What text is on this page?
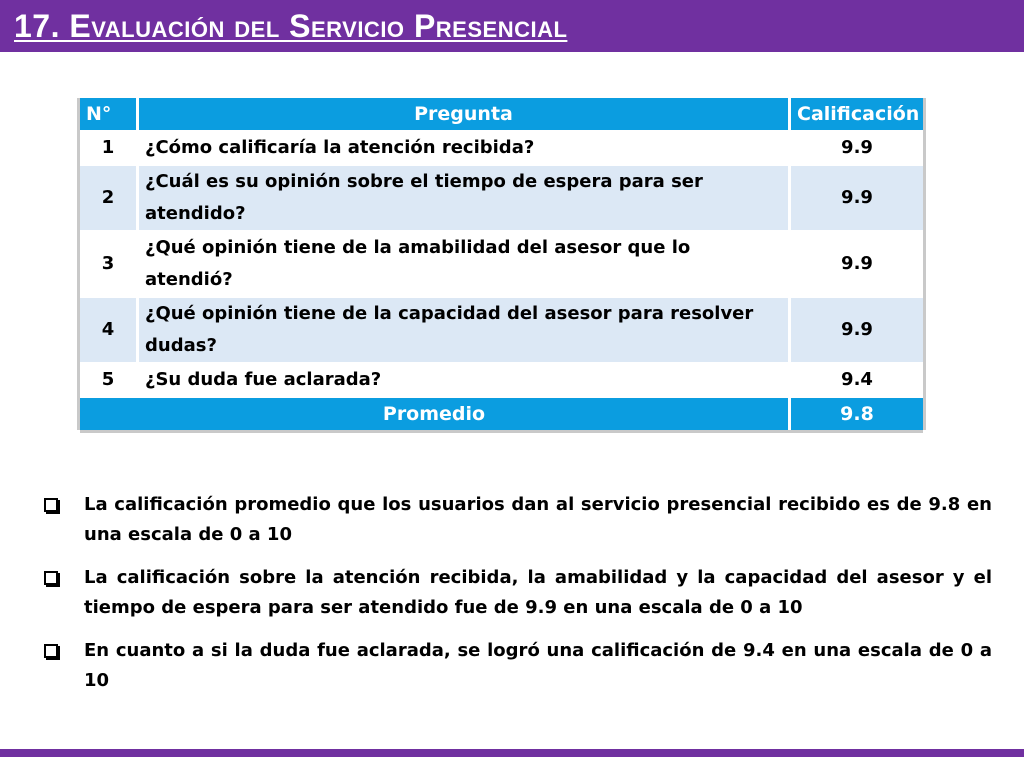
17. Evaluación del Servicio Presencial
N°	Pregunta	Calificación
1	¿Cómo calificaría la atención recibida?	9.9
2	¿Cuál es su opinión sobre el tiempo de espera para ser atendido?	9.9
3	¿Qué opinión tiene de la amabilidad del asesor que lo atendió?	9.9
4	¿Qué opinión tiene de la capacidad del asesor para resolver dudas?	9.9
5	¿Su duda fue aclarada?	9.4
Promedio		9.8
La calificación promedio que los usuarios dan al servicio presencial recibido es de 9.8 en una escala de 0 a 10
La calificación sobre la atención recibida, la amabilidad y la capacidad del asesor y el tiempo de espera para ser atendido fue de 9.9 en una escala de 0 a 10
En cuanto a si la duda fue aclarada, se logró una calificación de 9.4 en una escala de 0 a 10
